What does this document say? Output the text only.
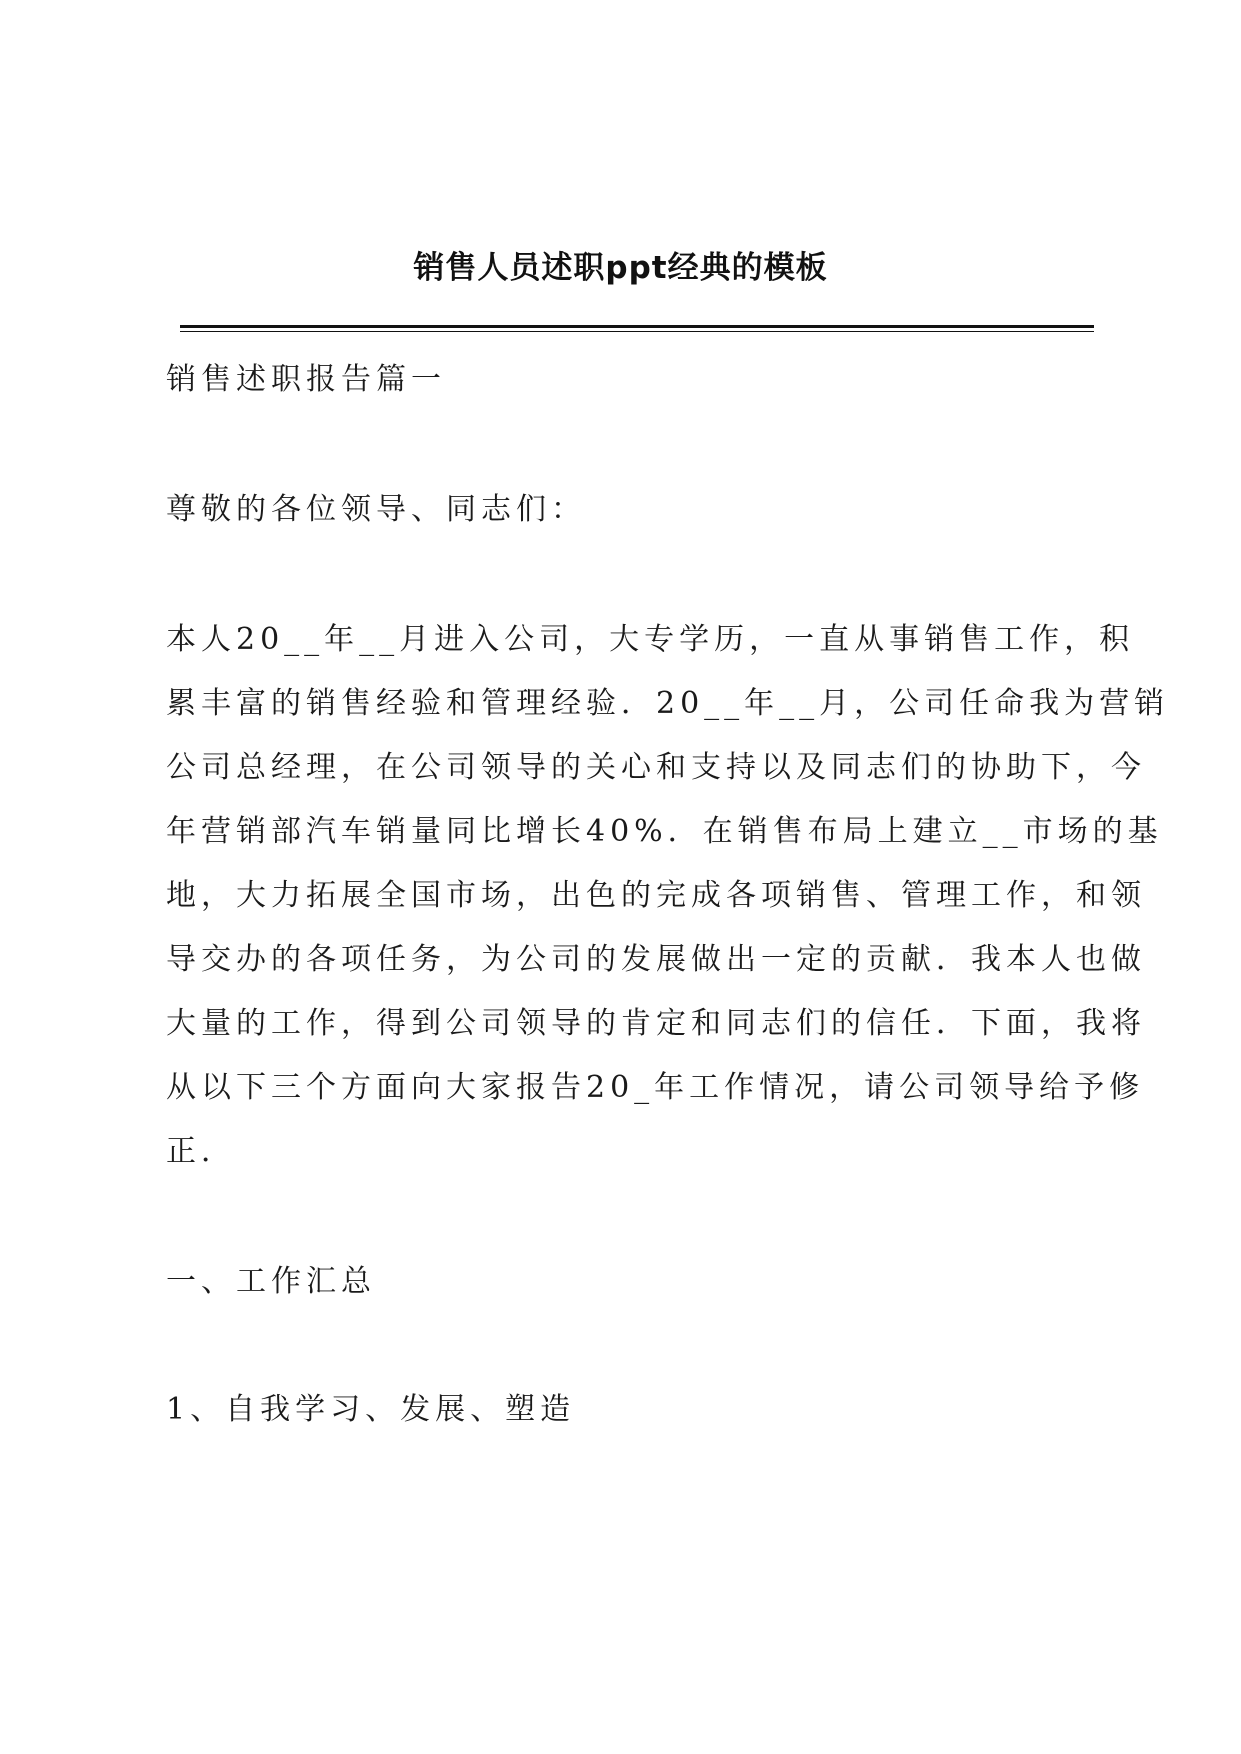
销售人员述职ppt经典的模板

销售述职报告篇一

尊敬的各位领导、同志们：

本人20__年__月进入公司，大专学历，一直从事销售工作，积
累丰富的销售经验和管理经验．20__年__月，公司任命我为营销
公司总经理，在公司领导的关心和支持以及同志们的协助下，今
年营销部汽车销量同比增长40%．在销售布局上建立__市场的基
地，大力拓展全国市场，出色的完成各项销售、管理工作，和领
导交办的各项任务，为公司的发展做出一定的贡献．我本人也做
大量的工作，得到公司领导的肯定和同志们的信任．下面，我将
从以下三个方面向大家报告20_年工作情况，请公司领导给予修
正．

一、工作汇总

1、自我学习、发展、塑造
